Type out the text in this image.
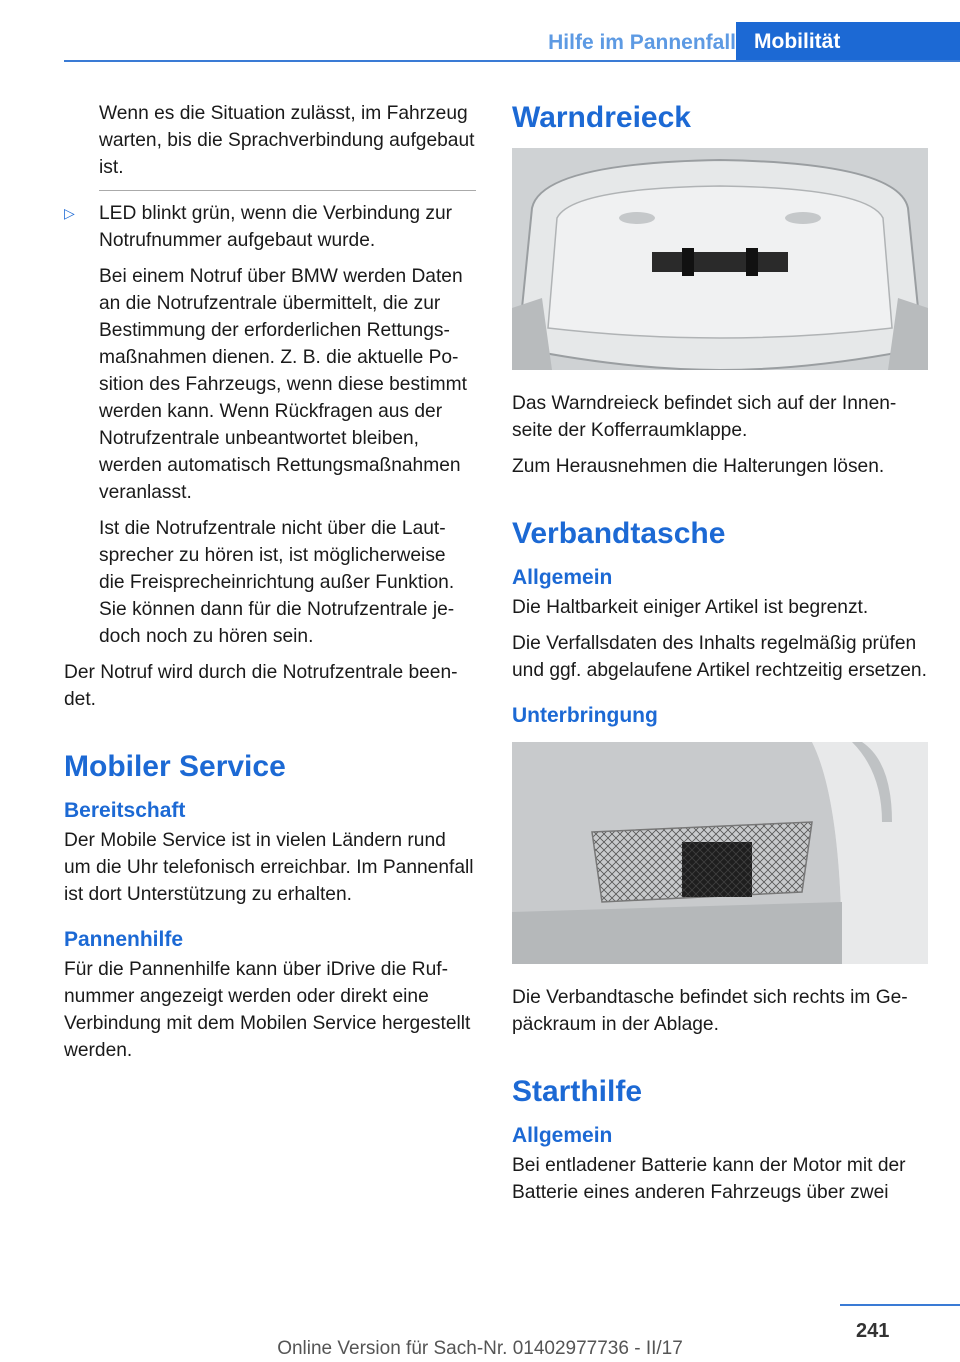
Hilfe im Pannenfall Mobilität

Wenn es die Situation zulässt, im Fahrzeug warten, bis die Sprachverbindung aufgebaut ist.

▷ LED blinkt grün, wenn die Verbindung zur Notrufnummer aufgebaut wurde.

Bei einem Notruf über BMW werden Daten an die Notrufzentrale übermittelt, die zur Bestimmung der erforderlichen Rettungsmaßnahmen dienen. Z. B. die aktuelle Position des Fahrzeugs, wenn diese bestimmt werden kann. Wenn Rückfragen aus der Notrufzentrale unbeantwortet bleiben, werden automatisch Rettungsmaßnahmen veranlasst.

Ist die Notrufzentrale nicht über die Lautsprecher zu hören ist, ist möglicherweise die Freisprecheinrichtung außer Funktion. Sie können dann für die Notrufzentrale jedoch noch zu hören sein.

Der Notruf wird durch die Notrufzentrale beendet.

Mobiler Service
Bereitschaft

Der Mobile Service ist in vielen Ländern rund um die Uhr telefonisch erreichbar. Im Pannenfall ist dort Unterstützung zu erhalten.

Pannenhilfe

Für die Pannenhilfe kann über iDrive die Rufnummer angezeigt werden oder direkt eine Verbindung mit dem Mobilen Service hergestellt werden.

Warndreieck

Das Warndreieck befindet sich auf der Innenseite der Kofferraumklappe.

Zum Herausnehmen die Halterungen lösen.

Verbandtasche
Allgemein

Die Haltbarkeit einiger Artikel ist begrenzt.

Die Verfallsdaten des Inhalts regelmäßig prüfen und ggf. abgelaufene Artikel rechtzeitig ersetzen.

Unterbringung

Die Verbandtasche befindet sich rechts im Gepäckraum in der Ablage.

Starthilfe
Allgemein

Bei entladener Batterie kann der Motor mit der Batterie eines anderen Fahrzeugs über zwei

241
Online Version für Sach-Nr. 01402977736 - II/17
